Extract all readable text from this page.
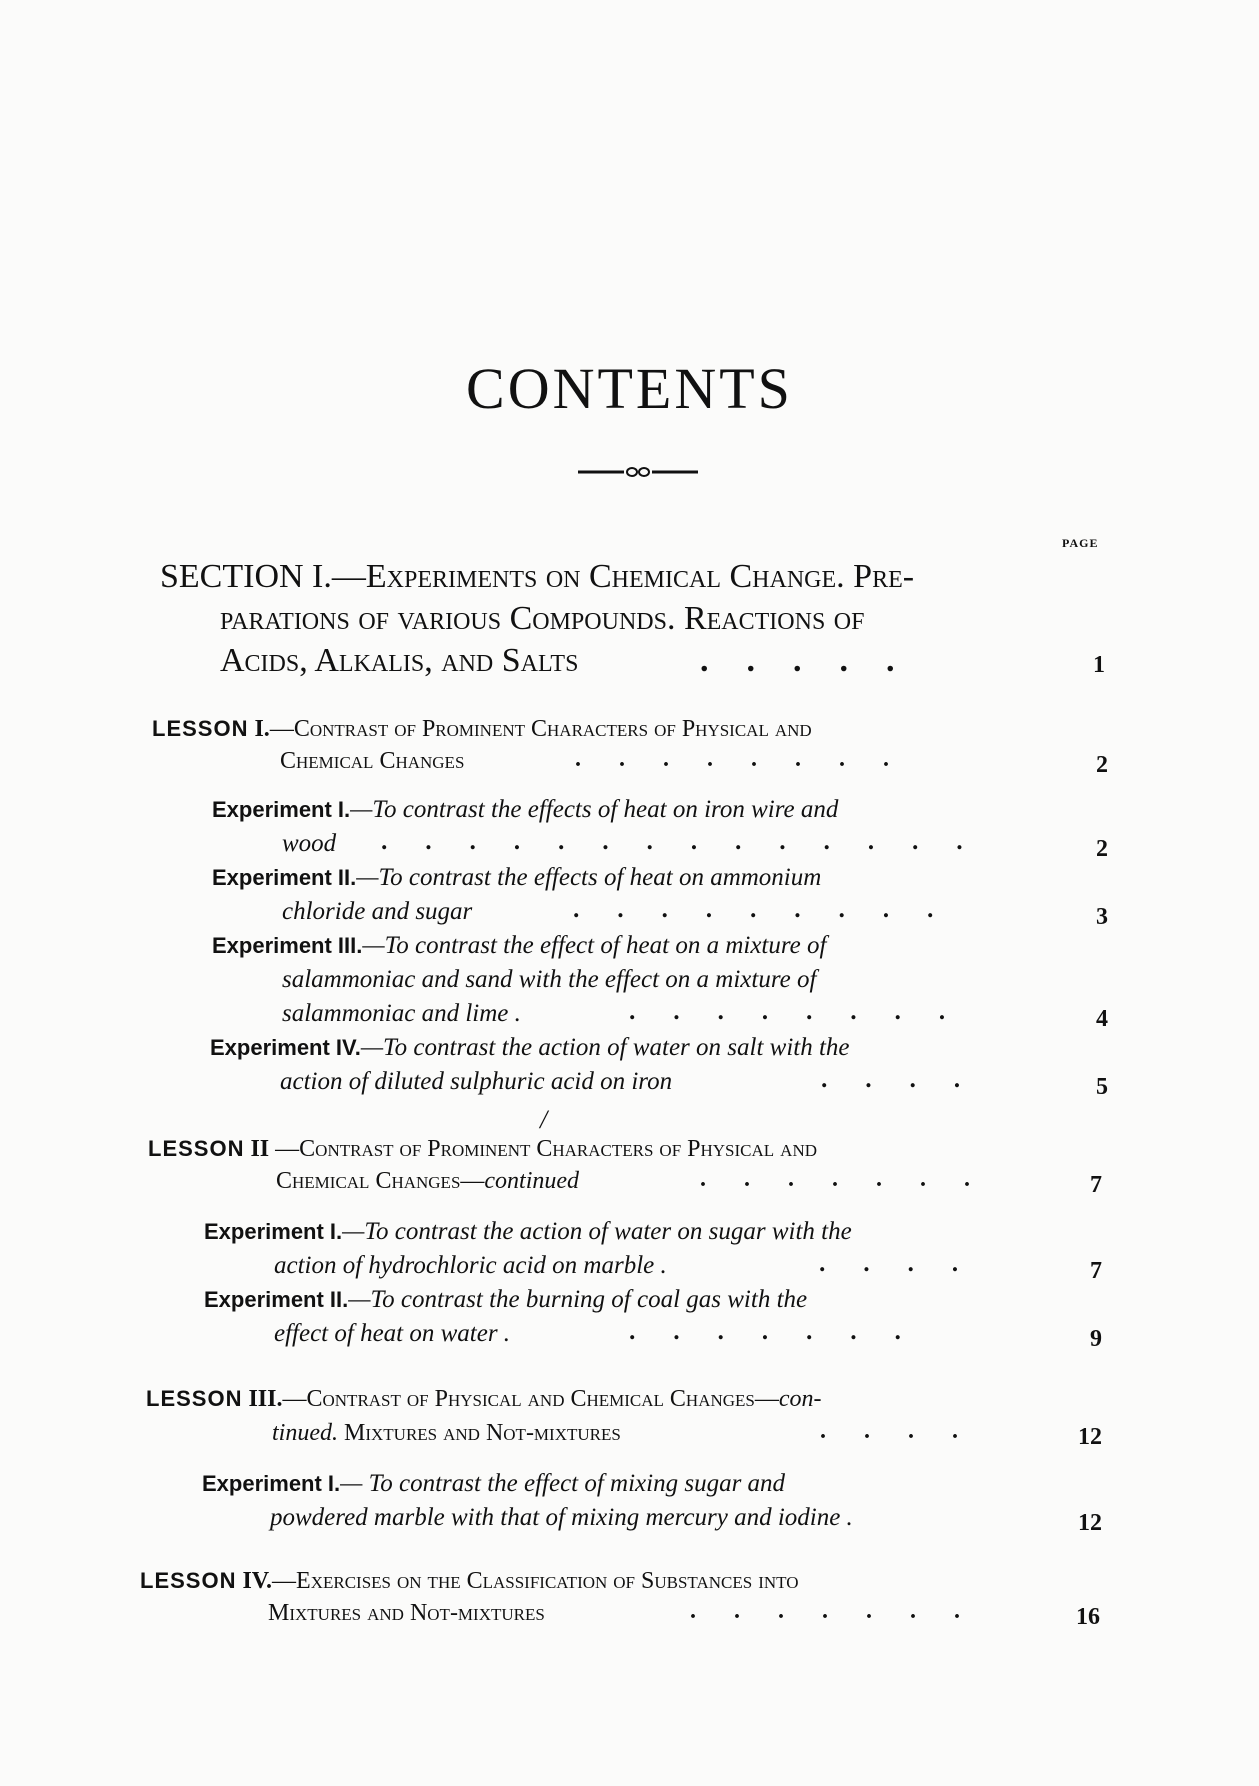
CONTENTS
PAGE
SECTION I.—Experiments on Chemical Change. Pre-
parations of various Compounds. Reactions of
Acids, Alkalis, and Salts	.....	1
LESSON I.—Contrast of Prominent Characters of Physical and
Chemical Changes	........	2
Experiment I.—To contrast the effects of heat on iron wire and
wood ..............	2
Experiment II.—To contrast the effects of heat on ammonium
chloride and sugar	.........	3
Experiment III.—To contrast the effect of heat on a mixture of
salammoniac and sand with the effect on a mixture of
salammoniac and lime .	........	4
Experiment IV.—To contrast the action of water on salt with the
action of diluted sulphuric acid on iron	....	5
/
LESSON II —Contrast of Prominent Characters of Physical and
Chemical Changes—continued	.......	7
Experiment I.—To contrast the action of water on sugar with the
action of hydrochloric acid on marble .	....	7
Experiment II.—To contrast the burning of coal gas with the
effect of heat on water .	.......	9
LESSON III.—Contrast of Physical and Chemical Changes—con-
tinued. Mixtures and Not-mixtures	....	12
Experiment I.— To contrast the effect of mixing sugar and
powdered marble with that of mixing mercury and iodine .	12
LESSON IV.—Exercises on the Classification of Substances into
Mixtures and Not-mixtures	.......	16
